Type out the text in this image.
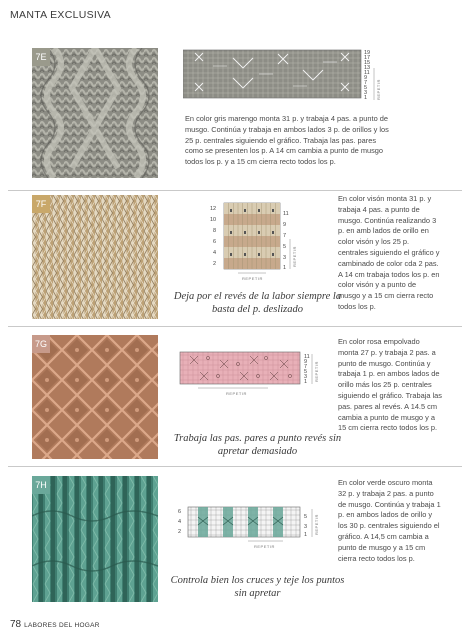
MANTA EXCLUSIVA
7E	19
17
15
13
11
9
7
5
3
1 REPETIR
En color gris marengo monta 31 p. y trabaja 4 pas. a punto de musgo. Continúa y trabaja en ambos lados 3 p. de orillos y los 25 p. centrales siguiendo el gráfico. Trabaja las pas. pares como se presenten los p. A 14 cm cambia a punto de musgo todos los p. y a 15 cm cierra recto todos los p.
7F	12
10
8
6
4
2
11
9
7
5
3
1
REPETIR
REPETIR
Deja por el revés de la labor siempre la basta del p. deslizado
En color visón monta 31 p. y trabaja 4 pas. a punto de musgo. Continúa realizando 3 p. en amb lados de orillo en color visón y los 25 p. centrales siguiendo el gráfico y cambinado de color cda 2 pas. A 14 cm trabaja todos los p. en color visón y a punto de musgo y a 15 cm cierra recto todos los p.
7G
11
9
7
5
3
1 REPETIR
REPETIR
Trabaja las pas. pares a punto revés sin apretar demasiado
En color rosa empolvado monta 27 p. y trabaja 2 pas. a punto de musgo. Continúa y trabaja 1 p. en ambos lados de orillo más los 25 p. centrales siguiendo el gráfico. Trabaja las pas. pares al revés. A 14.5 cm cambia a punto de musgo y a 15 cm cierra recto todos los p.
7H
6
4
2
5
3
1 REPETIR
REPETIR
Controla bien los cruces y teje los puntos sin apretar
En color verde oscuro monta 32 p. y trabaja 2 pas. a punto de musgo. Continúa y trabaja 1 p. en ambos lados de orillo y los 30 p. centrales siguiendo el gráfico. A 14,5 cm cambia a punto de musgo y a 15 cm cierra recto todos los p.
78 LABORES DEL HOGAR
